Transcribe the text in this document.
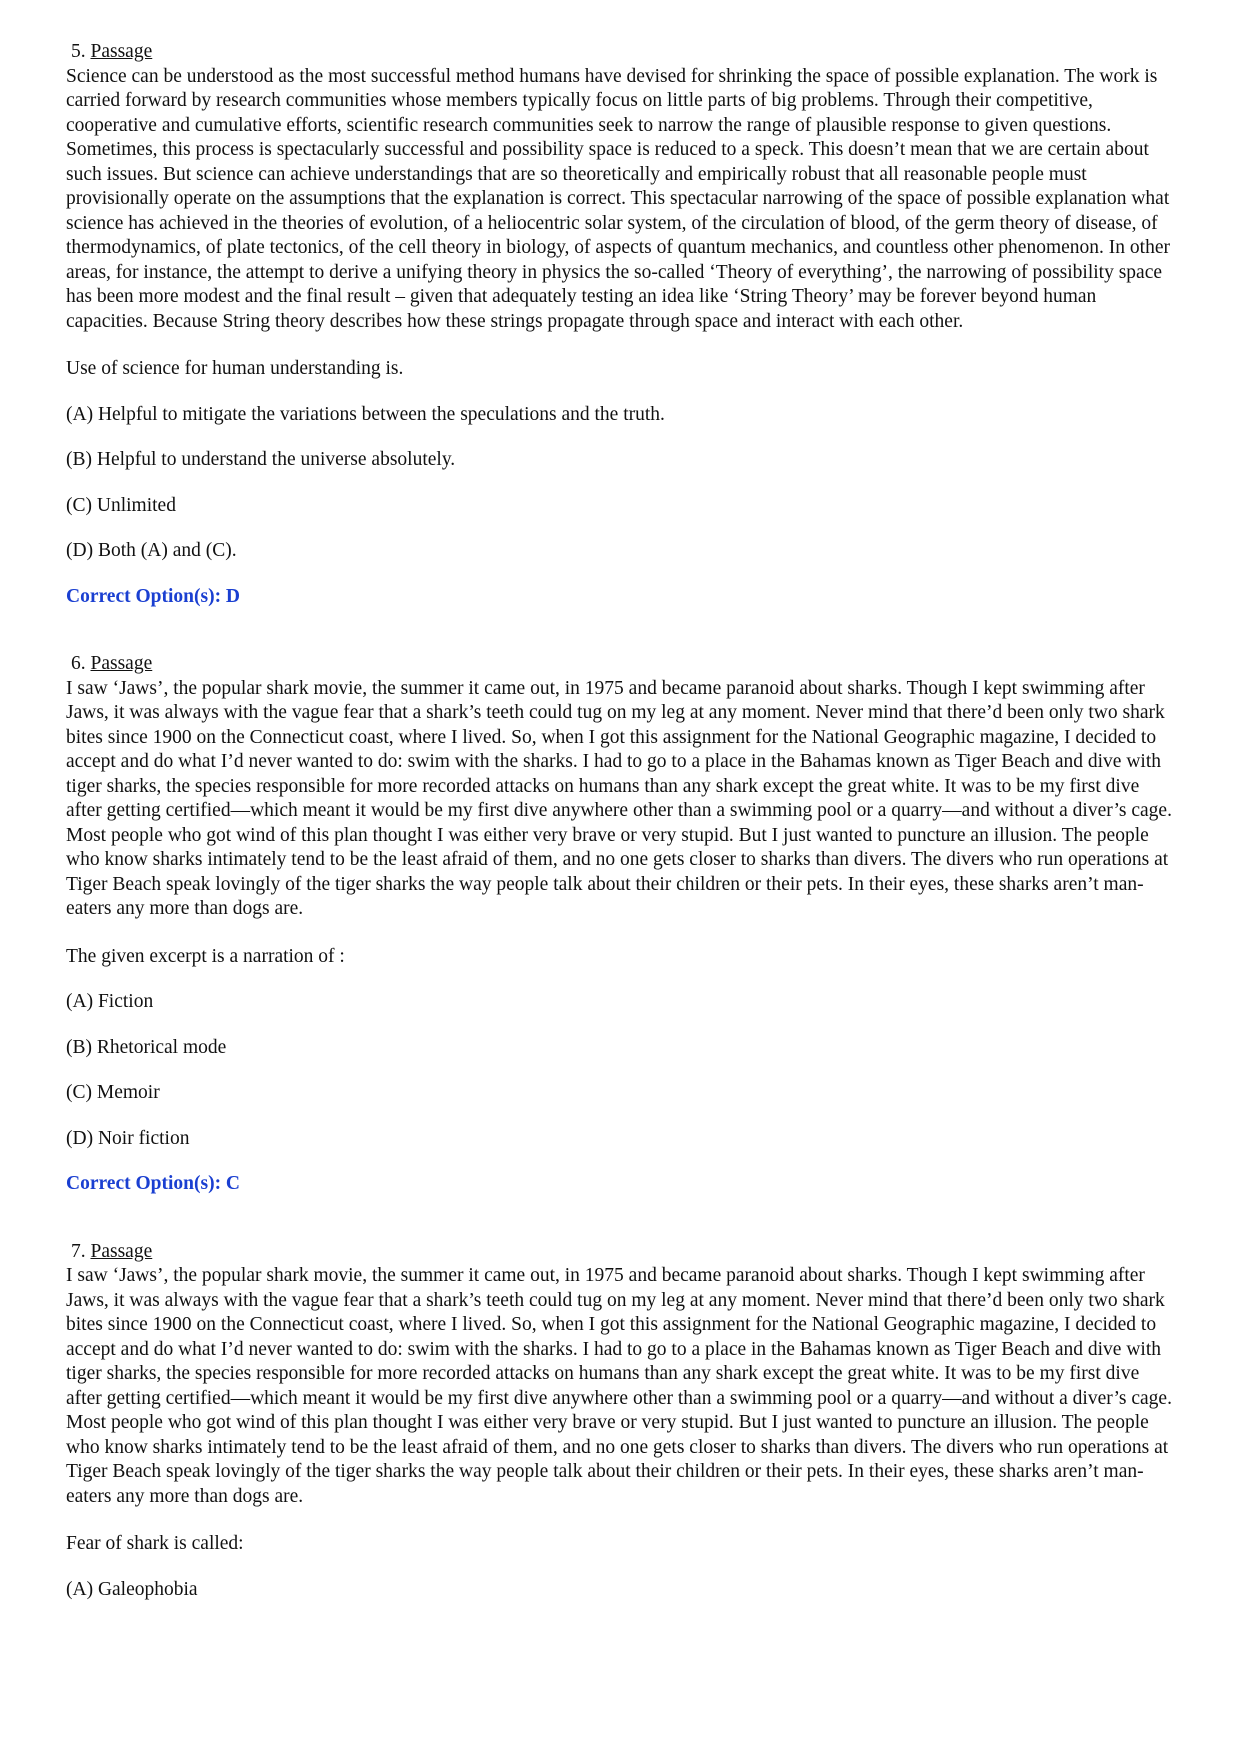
5. Passage

Science can be understood as the most successful method humans have devised for shrinking the space of possible explanation. The work is carried forward by research communities whose members typically focus on little parts of big problems. Through their competitive, cooperative and cumulative efforts, scientific research communities seek to narrow the range of plausible response to given questions. Sometimes, this process is spectacularly successful and possibility space is reduced to a speck. This doesn’t mean that we are certain about such issues. But science can achieve understandings that are so theoretically and empirically robust that all reasonable people must provisionally operate on the assumptions that the explanation is correct. This spectacular narrowing of the space of possible explanation what science has achieved in the theories of evolution, of a heliocentric solar system, of the circulation of blood, of the germ theory of disease, of thermodynamics, of plate tectonics, of the cell theory in biology, of aspects of quantum mechanics, and countless other phenomenon. In other areas, for instance, the attempt to derive a unifying theory in physics the so-called ‘Theory of everything’, the narrowing of possibility space has been more modest and the final result – given that adequately testing an idea like ‘String Theory’ may be forever beyond human capacities. Because String theory describes how these strings propagate through space and interact with each other.

Use of science for human understanding is.

(A) Helpful to mitigate the variations between the speculations and the truth.

(B) Helpful to understand the universe absolutely.

(C) Unlimited

(D) Both (A) and (C).

Correct Option(s): D

6. Passage

I saw ‘Jaws’, the popular shark movie, the summer it came out, in 1975 and became paranoid about sharks. Though I kept swimming after Jaws, it was always with the vague fear that a shark’s teeth could tug on my leg at any moment. Never mind that there’d been only two shark bites since 1900 on the Connecticut coast, where I lived. So, when I got this assignment for the National Geographic magazine, I decided to accept and do what I’d never wanted to do: swim with the sharks. I had to go to a place in the Bahamas known as Tiger Beach and dive with tiger sharks, the species responsible for more recorded attacks on humans than any shark except the great white. It was to be my first dive after getting certified—which meant it would be my first dive anywhere other than a swimming pool or a quarry—and without a diver’s cage. Most people who got wind of this plan thought I was either very brave or very stupid. But I just wanted to puncture an illusion. The people who know sharks intimately tend to be the least afraid of them, and no one gets closer to sharks than divers. The divers who run operations at Tiger Beach speak lovingly of the tiger sharks the way people talk about their children or their pets. In their eyes, these sharks aren’t man-eaters any more than dogs are.

The given excerpt is a narration of :

(A) Fiction

(B) Rhetorical mode

(C) Memoir

(D) Noir fiction

Correct Option(s): C

7. Passage

I saw ‘Jaws’, the popular shark movie, the summer it came out, in 1975 and became paranoid about sharks. Though I kept swimming after Jaws, it was always with the vague fear that a shark’s teeth could tug on my leg at any moment. Never mind that there’d been only two shark bites since 1900 on the Connecticut coast, where I lived. So, when I got this assignment for the National Geographic magazine, I decided to accept and do what I’d never wanted to do: swim with the sharks. I had to go to a place in the Bahamas known as Tiger Beach and dive with tiger sharks, the species responsible for more recorded attacks on humans than any shark except the great white. It was to be my first dive after getting certified—which meant it would be my first dive anywhere other than a swimming pool or a quarry—and without a diver’s cage. Most people who got wind of this plan thought I was either very brave or very stupid. But I just wanted to puncture an illusion. The people who know sharks intimately tend to be the least afraid of them, and no one gets closer to sharks than divers. The divers who run operations at Tiger Beach speak lovingly of the tiger sharks the way people talk about their children or their pets. In their eyes, these sharks aren’t man-eaters any more than dogs are.

Fear of shark is called:

(A) Galeophobia
